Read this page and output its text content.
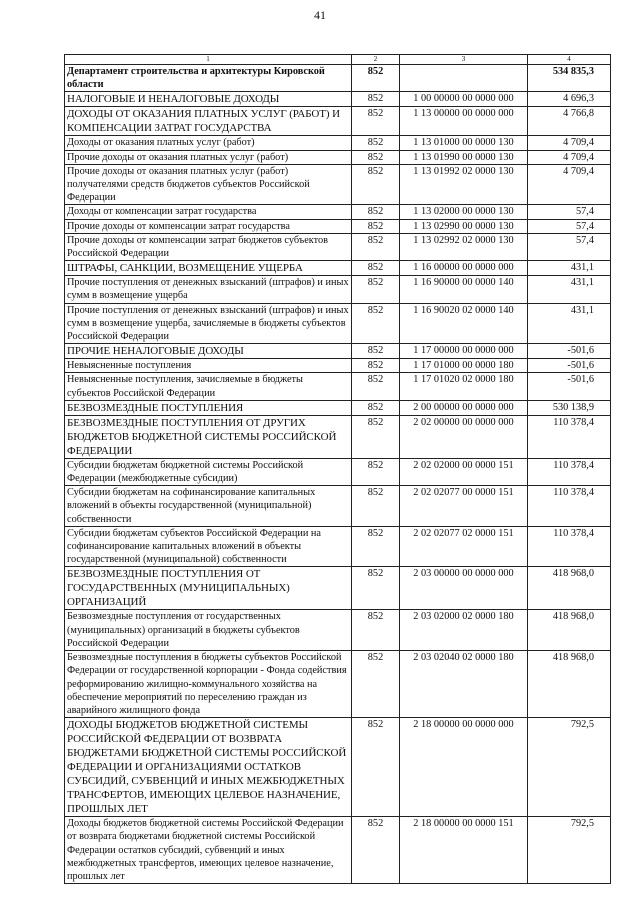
41
1	2	3	4
Департамент строительства и архитектуры Кировской области	852		534 835,3
НАЛОГОВЫЕ И НЕНАЛОГОВЫЕ ДОХОДЫ	852	1 00 00000 00 0000 000	4 696,3
ДОХОДЫ ОТ ОКАЗАНИЯ ПЛАТНЫХ УСЛУГ (РАБОТ) И КОМПЕНСАЦИИ ЗАТРАТ ГОСУДАРСТВА	852	1 13 00000 00 0000 000	4 766,8
Доходы от оказания платных услуг (работ)	852	1 13 01000 00 0000 130	4 709,4
Прочие доходы от оказания платных услуг (работ)	852	1 13 01990 00 0000 130	4 709,4
Прочие доходы от оказания платных услуг (работ) получателями средств бюджетов субъектов Российской Федерации	852	1 13 01992 02 0000 130	4 709,4
Доходы от компенсации затрат государства	852	1 13 02000 00 0000 130	57,4
Прочие доходы от компенсации затрат государства	852	1 13 02990 00 0000 130	57,4
Прочие доходы от компенсации затрат бюджетов субъектов Российской Федерации	852	1 13 02992 02 0000 130	57,4
ШТРАФЫ, САНКЦИИ, ВОЗМЕЩЕНИЕ УЩЕРБА	852	1 16 00000 00 0000 000	431,1
Прочие поступления от денежных взысканий (штрафов) и иных сумм в возмещение ущерба	852	1 16 90000 00 0000 140	431,1
Прочие поступления от денежных взысканий (штрафов) и иных сумм в возмещение ущерба, зачисляемые в бюджеты субъектов Российской Федерации	852	1 16 90020 02 0000 140	431,1
ПРОЧИЕ НЕНАЛОГОВЫЕ ДОХОДЫ	852	1 17 00000 00 0000 000	-501,6
Невыясненные поступления	852	1 17 01000 00 0000 180	-501,6
Невыясненные поступления, зачисляемые в бюджеты субъектов Российской Федерации	852	1 17 01020 02 0000 180	-501,6
БЕЗВОЗМЕЗДНЫЕ ПОСТУПЛЕНИЯ	852	2 00 00000 00 0000 000	530 138,9
БЕЗВОЗМЕЗДНЫЕ ПОСТУПЛЕНИЯ ОТ ДРУГИХ БЮДЖЕТОВ БЮДЖЕТНОЙ СИСТЕМЫ РОССИЙСКОЙ ФЕДЕРАЦИИ	852	2 02 00000 00 0000 000	110 378,4
Субсидии бюджетам бюджетной системы Российской Федерации (межбюджетные субсидии)	852	2 02 02000 00 0000 151	110 378,4
Субсидии бюджетам на софинансирование капитальных вложений в объекты государственной (муниципальной) собственности	852	2 02 02077 00 0000 151	110 378,4
Субсидии бюджетам субъектов Российской Федерации на софинансирование капитальных вложений в объекты государственной (муниципальной) собственности	852	2 02 02077 02 0000 151	110 378,4
БЕЗВОЗМЕЗДНЫЕ ПОСТУПЛЕНИЯ ОТ ГОСУДАРСТВЕННЫХ (МУНИЦИПАЛЬНЫХ) ОРГАНИЗАЦИЙ	852	2 03 00000 00 0000 000	418 968,0
Безвозмездные поступления от государственных (муниципальных) организаций в бюджеты субъектов Российской Федерации	852	2 03 02000 02 0000 180	418 968,0
Безвозмездные поступления в бюджеты субъектов Российской Федерации от государственной корпорации - Фонда содействия реформированию жилищно-коммунального хозяйства на обеспечение мероприятий по переселению граждан из аварийного жилищного фонда	852	2 03 02040 02 0000 180	418 968,0
ДОХОДЫ БЮДЖЕТОВ БЮДЖЕТНОЙ СИСТЕМЫ РОССИЙСКОЙ ФЕДЕРАЦИИ ОТ ВОЗВРАТА БЮДЖЕТАМИ БЮДЖЕТНОЙ СИСТЕМЫ РОССИЙСКОЙ ФЕДЕРАЦИИ И ОРГАНИЗАЦИЯМИ ОСТАТКОВ СУБСИДИЙ, СУБВЕНЦИЙ И ИНЫХ МЕЖБЮДЖЕТНЫХ ТРАНСФЕРТОВ, ИМЕЮЩИХ ЦЕЛЕВОЕ НАЗНАЧЕНИЕ, ПРОШЛЫХ ЛЕТ	852	2 18 00000 00 0000 000	792,5
Доходы бюджетов бюджетной системы Российской Федерации от возврата бюджетами бюджетной системы Российской Федерации остатков субсидий, субвенций и иных межбюджетных трансфертов, имеющих целевое назначение, прошлых лет	852	2 18 00000 00 0000 151	792,5
